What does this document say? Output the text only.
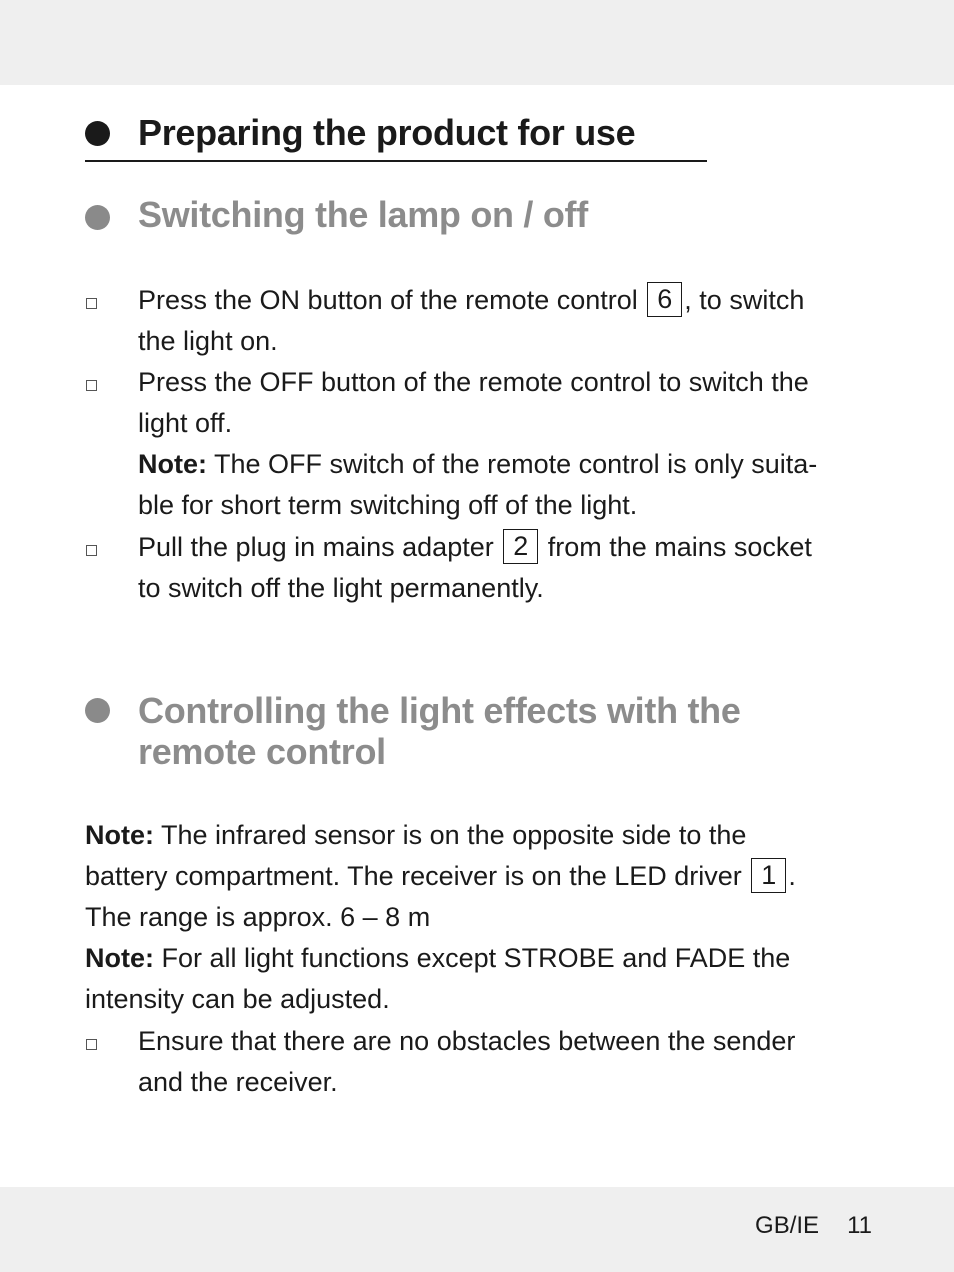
Preparing the product for use
Switching the lamp on / off
Press the ON button of the remote control 6 , to switch
the light on.
Press the OFF button of the remote control to switch the
light off.
Note: The OFF switch of the remote control is only suita-
ble for short term switching off of the light.
Pull the plug in mains adapter 2 from the mains socket
to switch off the light permanently.
Controlling the light effects with the
remote control
Note: The infrared sensor is on the opposite side to the
battery compartment. The receiver is on the LED driver 1 .
The range is approx. 6 – 8 m
Note: For all light functions except STROBE and FADE the
intensity can be adjusted.
Ensure that there are no obstacles between the sender
and the receiver.
GB/IE 11
